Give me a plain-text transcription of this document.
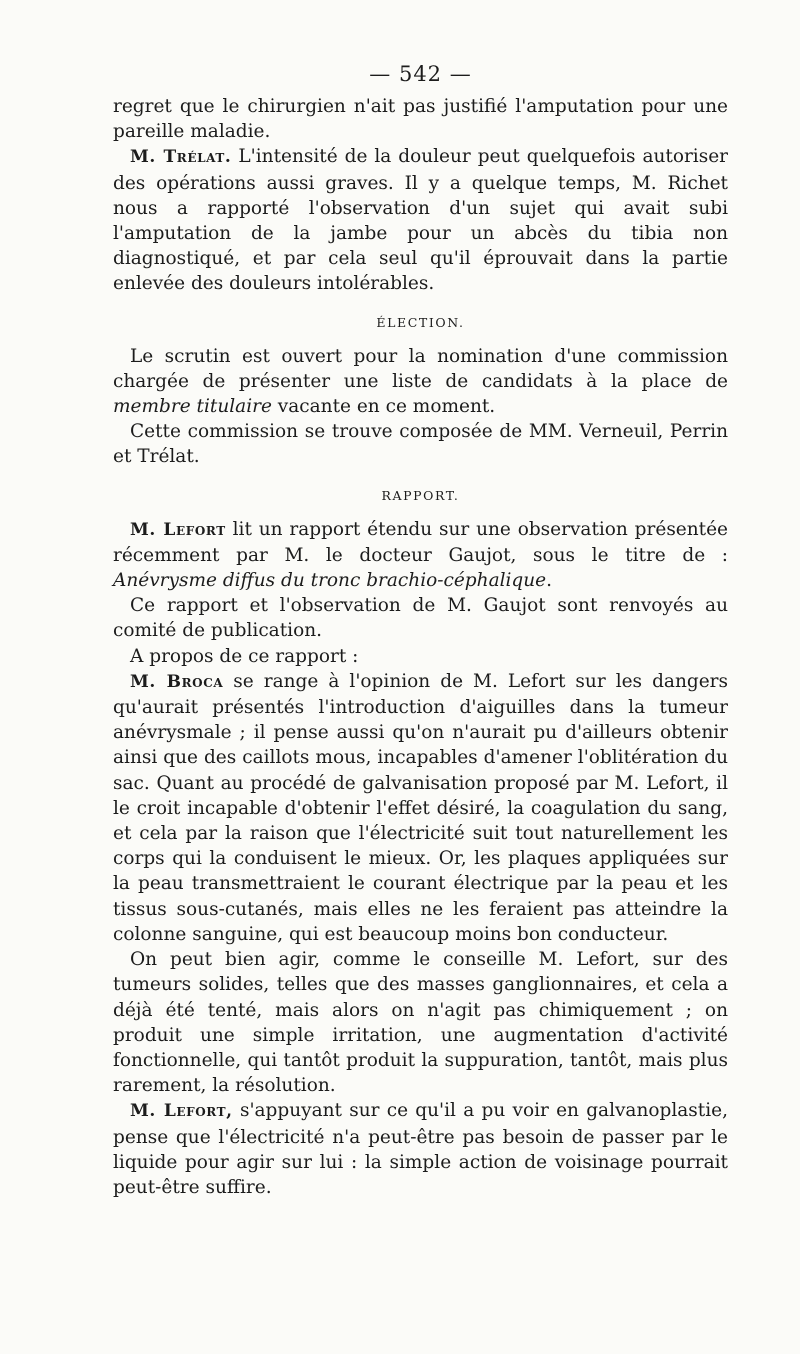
— 542 —

regret que le chirurgien n'ait pas justifié l'amputation pour une pareille maladie.

M. Trélat. L'intensité de la douleur peut quelquefois autoriser des opérations aussi graves. Il y a quelque temps, M. Richet nous a rapporté l'observation d'un sujet qui avait subi l'amputation de la jambe pour un abcès du tibia non diagnostiqué, et par cela seul qu'il éprouvait dans la partie enlevée des douleurs intolérables.

ÉLECTION.

Le scrutin est ouvert pour la nomination d'une commission chargée de présenter une liste de candidats à la place de membre titulaire vacante en ce moment.

Cette commission se trouve composée de MM. Verneuil, Perrin et Trélat.

RAPPORT.

M. Lefort lit un rapport étendu sur une observation présentée récemment par M. le docteur Gaujot, sous le titre de : Anévrysme diffus du tronc brachio-céphalique.

Ce rapport et l'observation de M. Gaujot sont renvoyés au comité de publication.

A propos de ce rapport :

M. Broca se range à l'opinion de M. Lefort sur les dangers qu'aurait présentés l'introduction d'aiguilles dans la tumeur anévrysmale ; il pense aussi qu'on n'aurait pu d'ailleurs obtenir ainsi que des caillots mous, incapables d'amener l'oblitération du sac. Quant au procédé de galvanisation proposé par M. Lefort, il le croit incapable d'obtenir l'effet désiré, la coagulation du sang, et cela par la raison que l'électricité suit tout naturellement les corps qui la conduisent le mieux. Or, les plaques appliquées sur la peau transmettraient le courant électrique par la peau et les tissus sous-cutanés, mais elles ne les feraient pas atteindre la colonne sanguine, qui est beaucoup moins bon conducteur.

On peut bien agir, comme le conseille M. Lefort, sur des tumeurs solides, telles que des masses ganglionnaires, et cela a déjà été tenté, mais alors on n'agit pas chimiquement ; on produit une simple irritation, une augmentation d'activité fonctionnelle, qui tantôt produit la suppuration, tantôt, mais plus rarement, la résolution.

M. Lefort, s'appuyant sur ce qu'il a pu voir en galvanoplastie, pense que l'électricité n'a peut-être pas besoin de passer par le liquide pour agir sur lui : la simple action de voisinage pourrait peut-être suffire.
